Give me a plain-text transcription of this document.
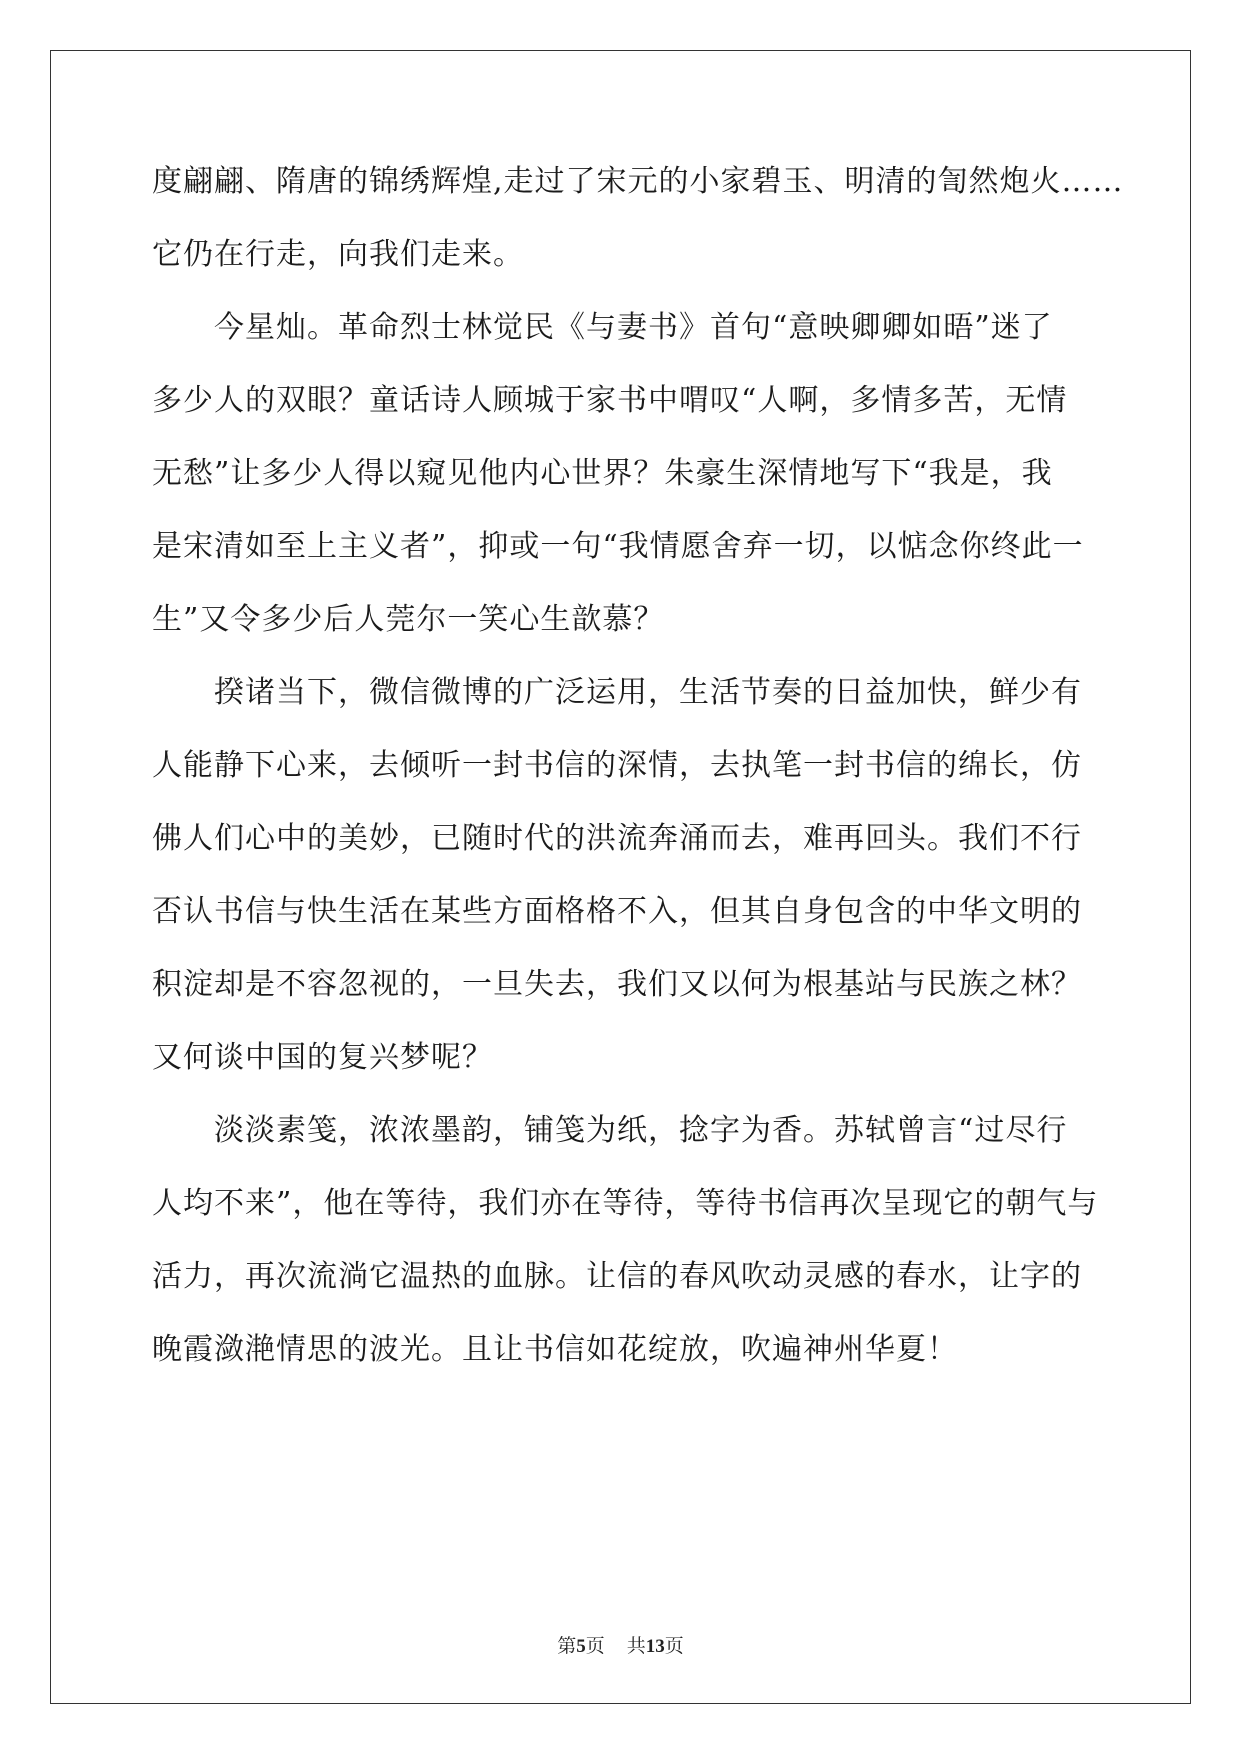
度翩翩、隋唐的锦绣辉煌,走过了宋元的小家碧玉、明清的訇然炮火……
它仍在行走，向我们走来。
今星灿。革命烈士林觉民《与妻书》首句“意映卿卿如晤”迷了
多少人的双眼？童话诗人顾城于家书中喟叹“人啊，多情多苦，无情
无愁”让多少人得以窥见他内心世界？朱豪生深情地写下“我是，我
是宋清如至上主义者”，抑或一句“我情愿舍弃一切，以惦念你终此一
生”又令多少后人莞尔一笑心生歆慕？
揆诸当下，微信微博的广泛运用，生活节奏的日益加快，鲜少有
人能静下心来，去倾听一封书信的深情，去执笔一封书信的绵长，仿
佛人们心中的美妙，已随时代的洪流奔涌而去，难再回头。我们不行
否认书信与快生活在某些方面格格不入，但其自身包含的中华文明的
积淀却是不容忽视的，一旦失去，我们又以何为根基站与民族之林？
又何谈中国的复兴梦呢？
淡淡素笺，浓浓墨韵，铺笺为纸，捻字为香。苏轼曾言“过尽行
人均不来”，他在等待，我们亦在等待，等待书信再次呈现它的朝气与
活力，再次流淌它温热的血脉。让信的春风吹动灵感的春水，让字的
晚霞潋滟情思的波光。且让书信如花绽放，吹遍神州华夏！
第5页 共13页
